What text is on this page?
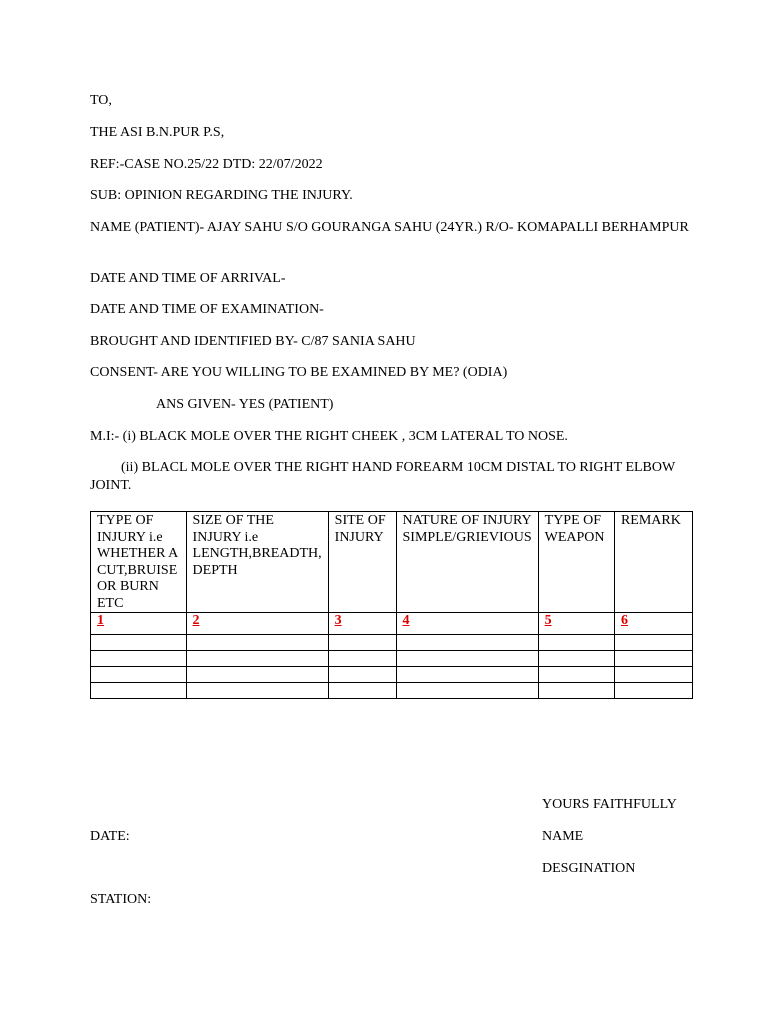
TO,
THE ASI B.N.PUR P.S,
REF:-CASE NO.25/22 DTD: 22/07/2022
SUB: OPINION REGARDING THE INJURY.
NAME (PATIENT)- AJAY SAHU S/O GOURANGA SAHU (24YR.) R/O- KOMAPALLI BERHAMPUR
DATE AND TIME OF ARRIVAL-
DATE AND TIME OF EXAMINATION-
BROUGHT AND IDENTIFIED BY- C/87 SANIA SAHU
CONSENT- ARE YOU WILLING TO BE EXAMINED BY ME? (ODIA)
ANS GIVEN- YES (PATIENT)
M.I:- (i) BLACK MOLE OVER THE RIGHT CHEEK , 3CM LATERAL TO NOSE.
(ii) BLACL MOLE OVER THE RIGHT HAND FOREARM 10CM DISTAL TO RIGHT ELBOW JOINT.
TYPE OF INJURY i.e WHETHER A CUT,BRUISE OR BURN ETC	SIZE OF THE INJURY i.e LENGTH,BREADTH, DEPTH	SITE OF INJURY	NATURE OF INJURY SIMPLE/GRIEVIOUS	TYPE OF WEAPON	REMARK
1	2	3	4	5	6

YOURS FAITHFULLY
DATE:	NAME
DESGINATION
STATION:
